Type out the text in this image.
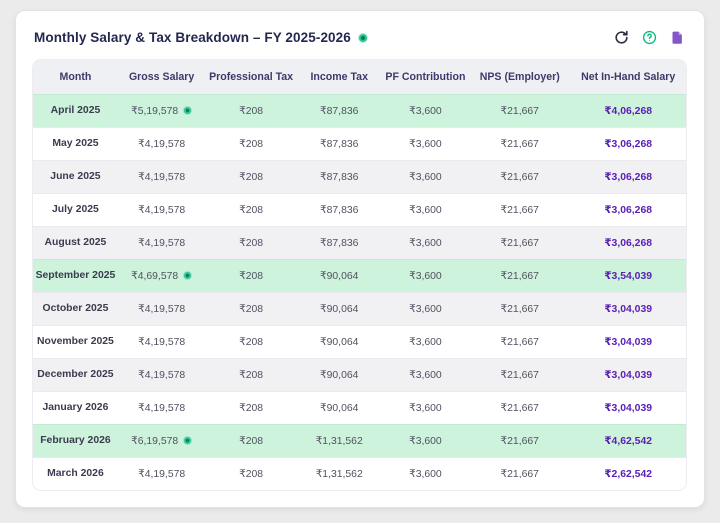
Monthly Salary & Tax Breakdown – FY 2025-2026
Month	Gross Salary	Professional Tax	Income Tax	PF Contribution	NPS (Employer)	Net In-Hand Salary
April 2025	₹5,19,578	₹208	₹87,836	₹3,600	₹21,667	₹4,06,268
May 2025	₹4,19,578	₹208	₹87,836	₹3,600	₹21,667	₹3,06,268
June 2025	₹4,19,578	₹208	₹87,836	₹3,600	₹21,667	₹3,06,268
July 2025	₹4,19,578	₹208	₹87,836	₹3,600	₹21,667	₹3,06,268
August 2025	₹4,19,578	₹208	₹87,836	₹3,600	₹21,667	₹3,06,268
September 2025	₹4,69,578	₹208	₹90,064	₹3,600	₹21,667	₹3,54,039
October 2025	₹4,19,578	₹208	₹90,064	₹3,600	₹21,667	₹3,04,039
November 2025	₹4,19,578	₹208	₹90,064	₹3,600	₹21,667	₹3,04,039
December 2025	₹4,19,578	₹208	₹90,064	₹3,600	₹21,667	₹3,04,039
January 2026	₹4,19,578	₹208	₹90,064	₹3,600	₹21,667	₹3,04,039
February 2026	₹6,19,578	₹208	₹1,31,562	₹3,600	₹21,667	₹4,62,542
March 2026	₹4,19,578	₹208	₹1,31,562	₹3,600	₹21,667	₹2,62,542
